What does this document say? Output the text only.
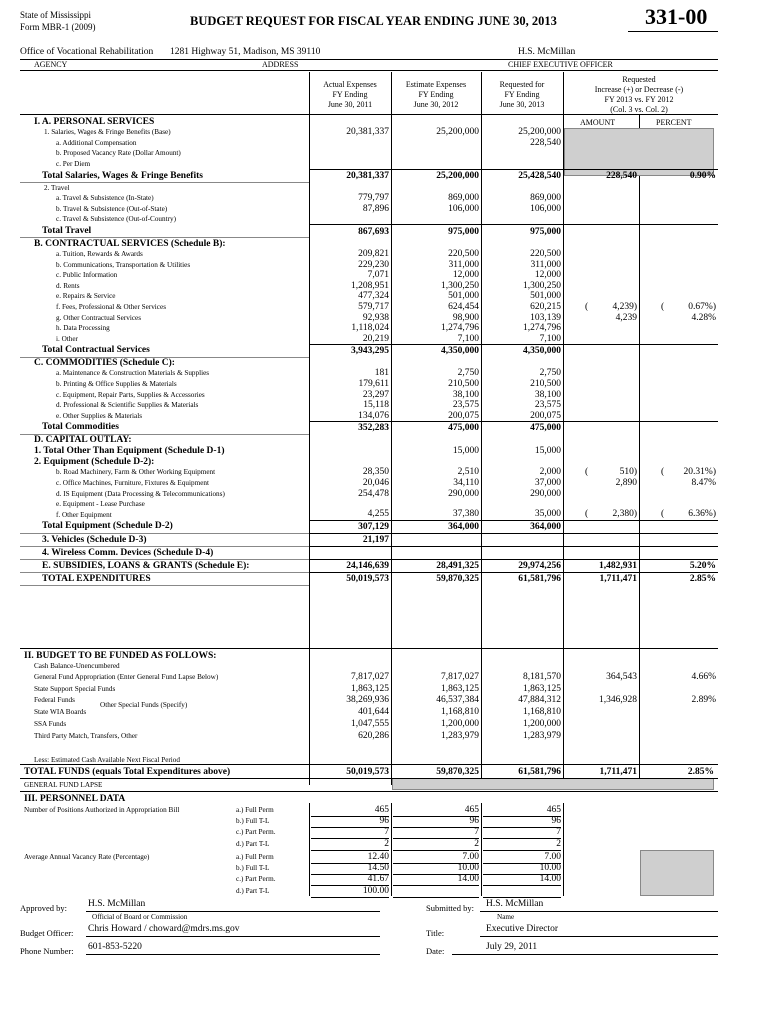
State of Mississippi
Form MBR-1 (2009)	BUDGET REQUEST FOR FISCAL YEAR ENDING JUNE 30, 2013	331-00
Office of Vocational Rehabilitation 1281 Highway 51, Madison, MS 39110	H.S. McMillan
AGENCY	ADDRESS	CHIEF EXECUTIVE OFFICER
Actual Expenses
FY Ending
June 30, 2011
Estimate Expenses
FY Ending
June 30, 2012
Requested for
FY Ending
June 30, 2013
Requested
Increase (+) or Decrease (-)
FY 2013 vs. FY 2012
(Col. 3 vs. Col. 2)
AMOUNT	PERCENT
I. A. PERSONAL SERVICES					
1. Salaries, Wages & Fringe Benefits (Base)	20,381,337	25,200,000	25,200,000		
a. Additional Compensation			228,540		
b. Proposed Vacancy Rate (Dollar Amount)					
c. Per Diem					
Total Salaries, Wages & Fringe Benefits	20,381,337	25,200,000	25,428,540	228,540	0.90%
2. Travel					
a. Travel & Subsistence (In-State)	779,797	869,000	869,000		
b. Travel & Subsistence (Out-of-State)	87,896	106,000	106,000		
c. Travel & Subsistence (Out-of-Country)					
Total Travel	867,693	975,000	975,000		
B. CONTRACTUAL SERVICES (Schedule B):					
a. Tuition, Rewards & Awards	209,821	220,500	220,500		
b. Communications, Transportation & Utilities	229,230	311,000	311,000		
c. Public Information	7,071	12,000	12,000		
d. Rents	1,208,951	1,300,250	1,300,250		
e. Repairs & Service	477,324	501,000	501,000		
f. Fees, Professional & Other Services	579,717	624,454	620,215	( 4,239)	( 0.67%)
g. Other Contractual Services	92,938	98,900	103,139	4,239	4.28%
h. Data Processing	1,118,024	1,274,796	1,274,796		
i. Other	20,219	7,100	7,100		
Total Contractual Services	3,943,295	4,350,000	4,350,000		
C. COMMODITIES (Schedule C):					
a. Maintenance & Construction Materials & Supplies	181	2,750	2,750		
b. Printing & Office Supplies & Materials	179,611	210,500	210,500		
c. Equipment, Repair Parts, Supplies & Accessories	23,297	38,100	38,100		
d. Professional & Scientific Supplies & Materials	15,118	23,575	23,575		
e. Other Supplies & Materials	134,076	200,075	200,075		
Total Commodities	352,283	475,000	475,000		
D. CAPITAL OUTLAY:					
1. Total Other Than Equipment (Schedule D-1)		15,000	15,000		
2. Equipment (Schedule D-2):					
b. Road Machinery, Farm & Other Working Equipment	28,350	2,510	2,000	( 510)	( 20.31%)
c. Office Machines, Furniture, Fixtures & Equipment	20,046	34,110	37,000	2,890	8.47%
d. IS Equipment (Data Processing & Telecommunications)	254,478	290,000	290,000		
e. Equipment - Lease Purchase					
f. Other Equipment	4,255	37,380	35,000	( 2,380)	( 6.36%)
Total Equipment (Schedule D-2)	307,129	364,000	364,000		
3. Vehicles (Schedule D-3)	21,197				
4. Wireless Comm. Devices (Schedule D-4)					
E. SUBSIDIES, LOANS & GRANTS (Schedule E):	24,146,639	28,491,325	29,974,256	1,482,931	5.20%
TOTAL EXPENDITURES	50,019,573	59,870,325	61,581,796	1,711,471	2.85%
II. BUDGET TO BE FUNDED AS FOLLOWS:
Cash Balance-Unencumbered
General Fund Appropriation (Enter General Fund Lapse Below)	7,817,027	7,817,027	8,181,570	364,543	4.66%
State Support Special Funds	1,863,125	1,863,125	1,863,125		
Federal Funds	38,269,936	46,537,384	47,884,312	1,346,928	2.89%
State WIA Boards	401,644	1,168,810	1,168,810		
SSA Funds	1,047,555	1,200,000	1,200,000		
Third Party Match, Transfers, Other	620,286	1,283,979	1,283,979		
Other Special Funds (Specify)
Less: Estimated Cash Available Next Fiscal Period
TOTAL FUNDS (equals Total Expenditures above)	50,019,573	59,870,325	61,581,796	1,711,471	2.85%
GENERAL FUND LAPSE
III. PERSONNEL DATA
Number of Positions Authorized in Appropriation Bill
Average Annual Vacancy Rate (Percentage)
a.) Full Perm	465	465	465
b.) Full T-L	96	96	96
c.) Part Perm.	7	7	7
d.) Part T-L	2	2	2
a.) Full Perm	12.40	7.00	7.00
b.) Full T-L	14.50	10.00	10.00
c.) Part Perm.	41.67	14.00	14.00
d.) Part T-L	100.00
Approved by: H.S. McMillan
Official of Board or Commission
Budget Officer: Chris Howard / choward@mdrs.ms.gov
Phone Number: 601-853-5220
Submitted by: H.S. McMillan
Name
Title:	Executive Director
Date:	July 29, 2011
